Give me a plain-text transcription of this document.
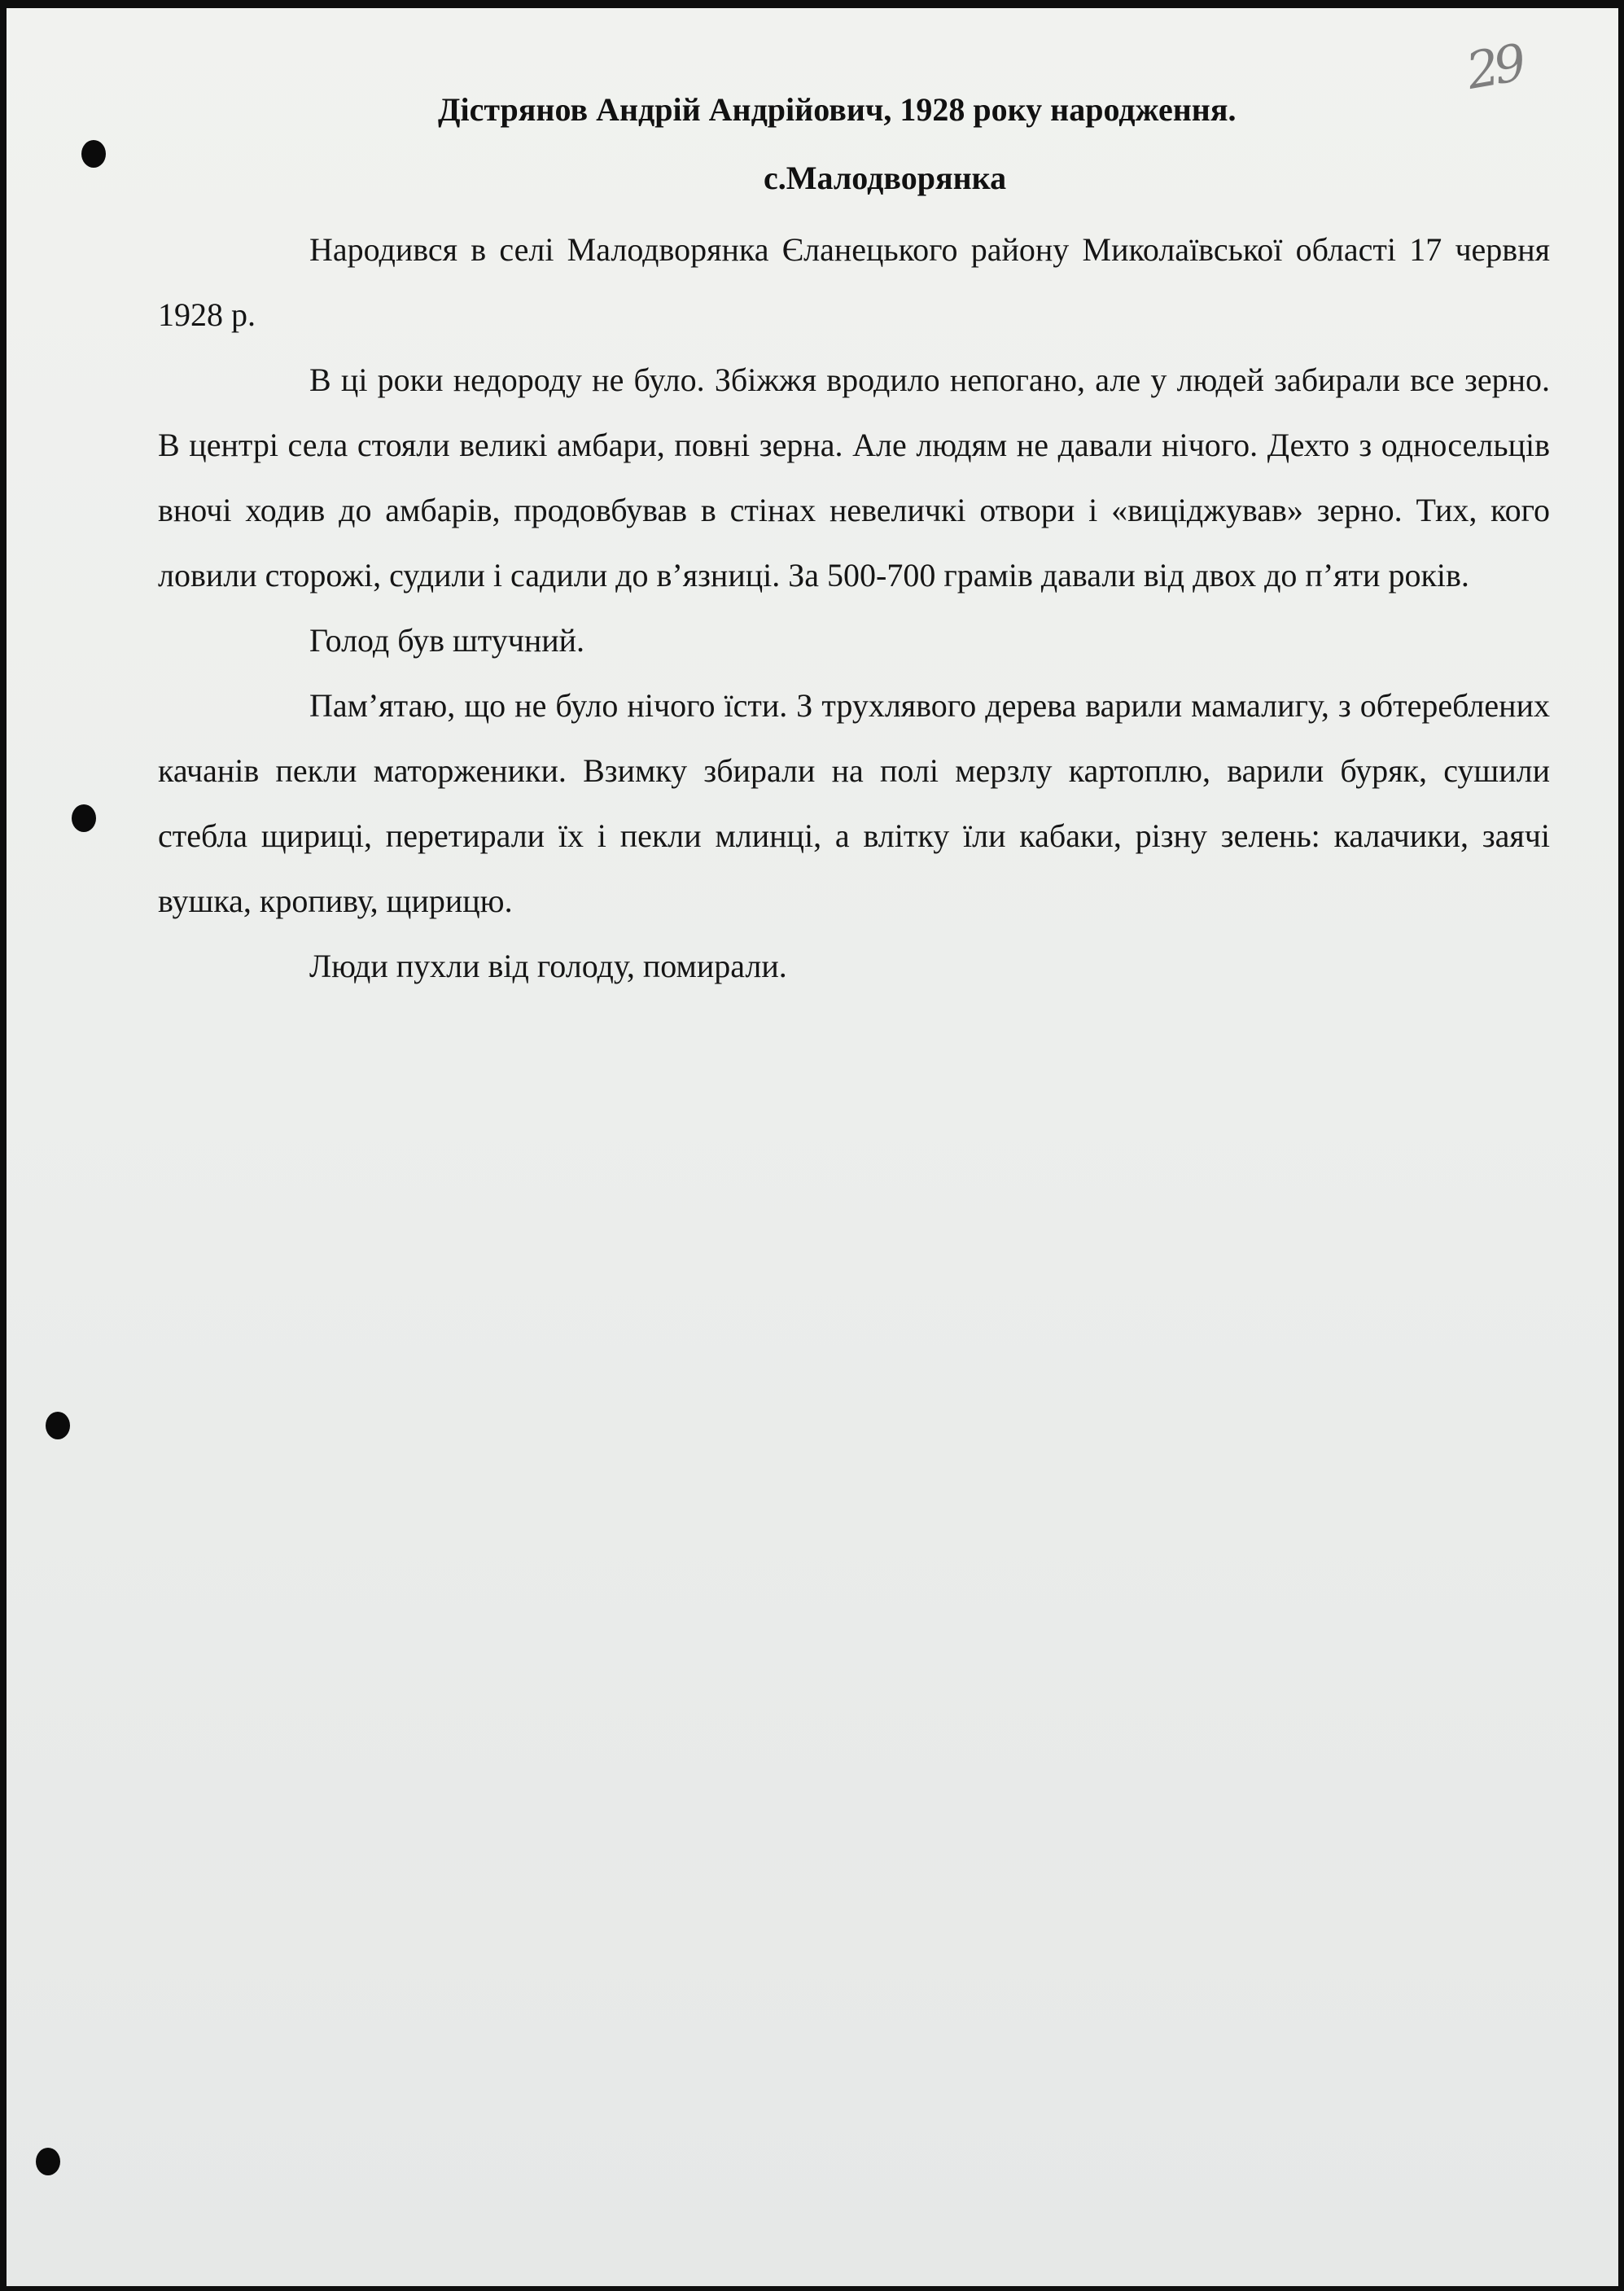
29
Дістрянов Андрій Андрійович, 1928 року народження.
с.Малодворянка

Народився в селі Малодворянка Єланецького району Миколаївської області 17 червня 1928 р.

В ці роки недороду не було. Збіжжя вродило непогано, але у людей забирали все зерно. В центрі села стояли великі амбари, повні зерна. Але людям не давали нічого. Дехто з односельців вночі ходив до амбарів, продовбував в стінах невеличкі отвори і «виціджував» зерно. Тих, кого ловили сторожі, судили і садили до в’язниці. За 500-700 грамів давали від двох до п’яти років.

Голод був штучний.

Пам’ятаю, що не було нічого їсти. З трухлявого дерева варили мамалигу, з обтереблених качанів пекли маторженики. Взимку збирали на полі мерзлу картоплю, варили буряк, сушили стебла щириці, перетирали їх і пекли млинці, а влітку їли кабаки, різну зелень: калачики, заячі вушка, кропиву, щирицю.

Люди пухли від голоду, помирали.
